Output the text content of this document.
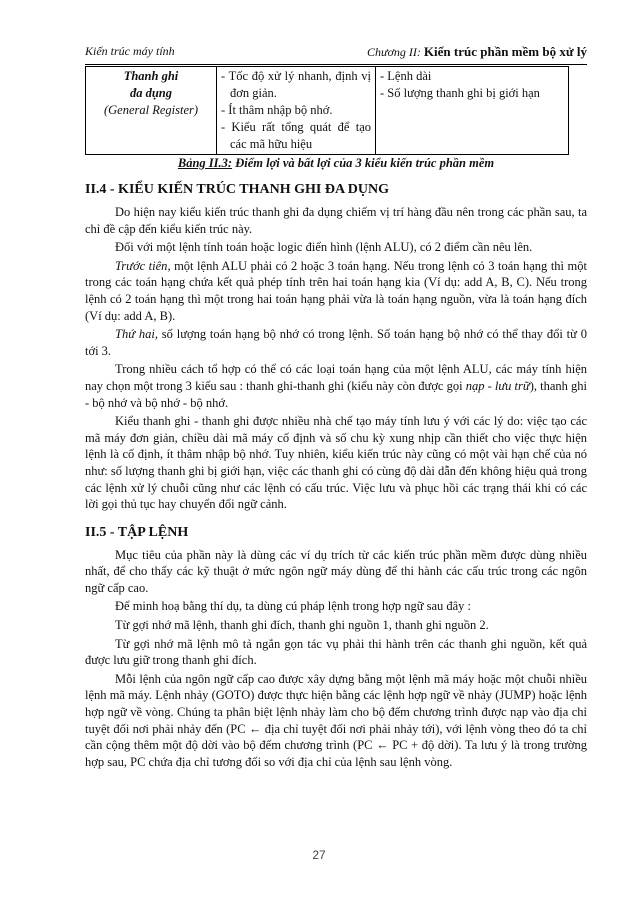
Kiến trúc máy tính	Chương II: Kiến trúc phần mềm bộ xử lý
Thanh ghi
đa dụng
(General Register)

- Tốc độ xử lý nhanh, định vị đơn giản.
- Ít thâm nhập bộ nhớ.
- Kiểu rất tổng quát để tạo các mã hữu hiệu

- Lệnh dài
- Số lượng thanh ghi bị giới hạn
Bảng II.3: Điểm lợi và bất lợi của 3 kiểu kiến trúc phần mềm
II.4 - KIỂU KIẾN TRÚC THANH GHI ĐA DỤNG

Do hiện nay kiểu kiến trúc thanh ghi đa dụng chiếm vị trí hàng đầu nên trong các phần sau, ta chỉ đề cập đến kiểu kiến trúc này.

Đối với một lệnh tính toán hoặc logic điển hình (lệnh ALU), có 2 điểm cần nêu lên.

Trước tiên, một lệnh ALU phải có 2 hoặc 3 toán hạng. Nếu trong lệnh có 3 toán hạng thì một trong các toán hạng chứa kết quả phép tính trên hai toán hạng kia (Ví dụ: add A, B, C). Nếu trong lệnh có 2 toán hạng thì một trong hai toán hạng phải vừa là toán hạng nguồn, vừa là toán hạng đích (Ví dụ: add A, B).

Thứ hai, số lượng toán hạng bộ nhớ có trong lệnh. Số toán hạng bộ nhớ có thể thay đổi từ 0 tới 3.

Trong nhiều cách tổ hợp có thể có các loại toán hạng của một lệnh ALU, các máy tính hiện nay chọn một trong 3 kiểu sau : thanh ghi-thanh ghi (kiểu này còn được gọi nạp - lưu trữ), thanh ghi - bộ nhớ và bộ nhớ - bộ nhớ.

Kiểu thanh ghi - thanh ghi được nhiều nhà chế tạo máy tính lưu ý với các lý do: việc tạo các mã máy đơn giản, chiều dài mã máy cố định và số chu kỳ xung nhịp cần thiết cho việc thực hiện lệnh là cố định, ít thâm nhập bộ nhớ. Tuy nhiên, kiểu kiến trúc này cũng có một vài hạn chế của nó như: số lượng thanh ghi bị giới hạn, việc các thanh ghi có cùng độ dài dẫn đến không hiệu quả trong các lệnh xử lý chuỗi cũng như các lệnh có cấu trúc. Việc lưu và phục hồi các trạng thái khi có các lời gọi thủ tục hay chuyển đổi ngữ cảnh.

II.5 - TẬP LỆNH

Mục tiêu của phần này là dùng các ví dụ trích từ các kiến trúc phần mềm được dùng nhiều nhất, để cho thấy các kỹ thuật ở mức ngôn ngữ máy dùng để thi hành các cấu trúc trong các ngôn ngữ cấp cao.

Để minh hoạ bằng thí dụ, ta dùng cú pháp lệnh trong hợp ngữ sau đây :

Từ gợi nhớ mã lệnh, thanh ghi đích, thanh ghi nguồn 1, thanh ghi nguồn 2.

Từ gợi nhớ mã lệnh mô tả ngắn gọn tác vụ phải thi hành trên các thanh ghi nguồn, kết quả được lưu giữ trong thanh ghi đích.

Mỗi lệnh của ngôn ngữ cấp cao được xây dựng bằng một lệnh mã máy hoặc một chuỗi nhiều lệnh mã máy. Lệnh nhảy (GOTO) được thực hiện bằng các lệnh hợp ngữ về nhảy (JUMP) hoặc lệnh hợp ngữ về vòng. Chúng ta phân biệt lệnh nhảy làm cho bộ đếm chương trình được nạp vào địa chỉ tuyệt đối nơi phải nhảy đến (PC ← địa chỉ tuyệt đối nơi phải nhảy tới), với lệnh vòng theo đó ta chỉ cần cộng thêm một độ dời vào bộ đếm chương trình (PC ← PC + độ dời). Ta lưu ý là trong trường hợp sau, PC chứa địa chỉ tương đối so với địa chỉ của lệnh sau lệnh vòng.

27
